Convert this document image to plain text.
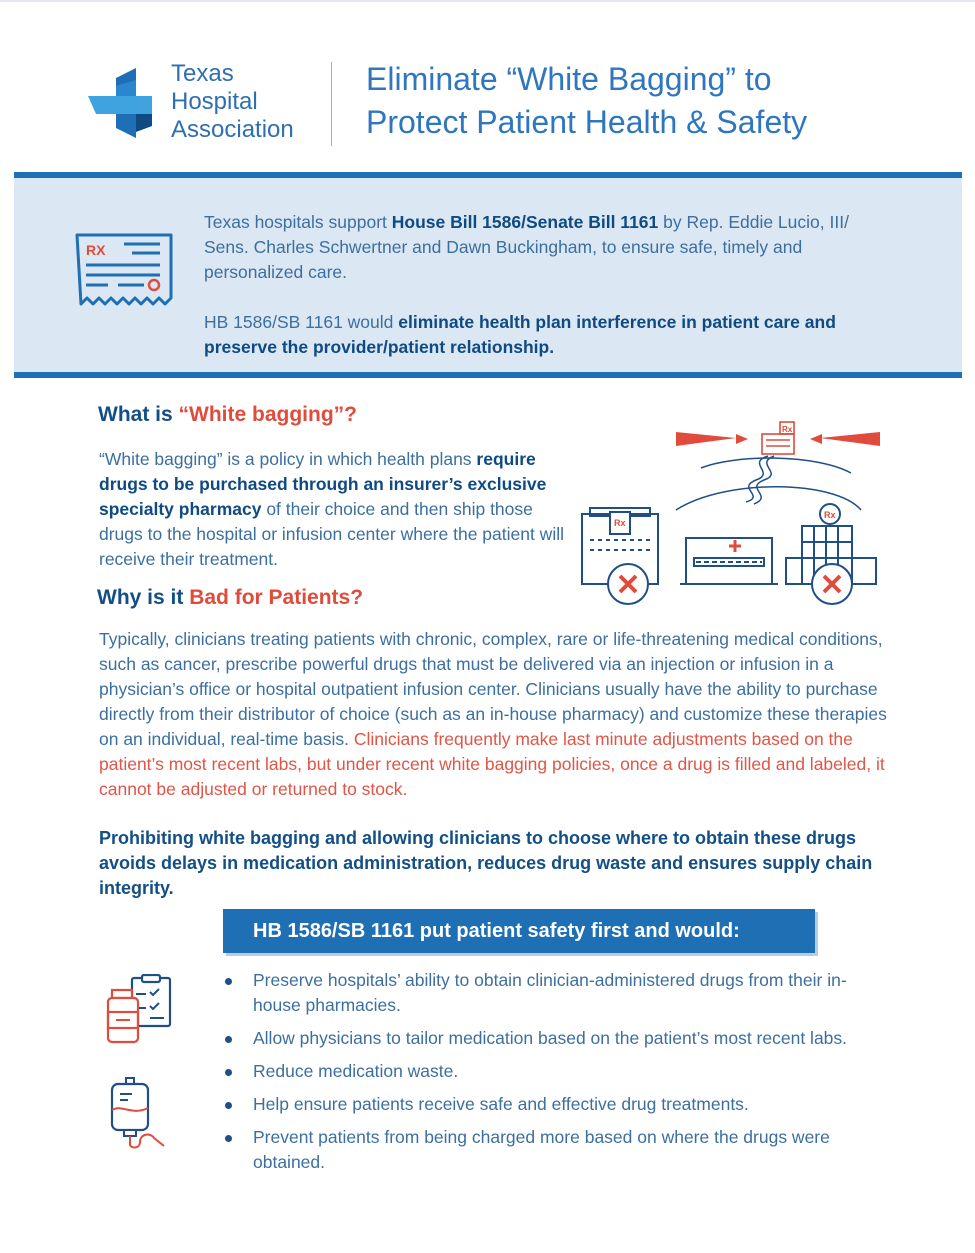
Texas
Hospital
Association
Eliminate “White Bagging” to
Protect Patient Health & Safety
RX
Texas hospitals support House Bill 1586/Senate Bill 1161 by Rep. Eddie Lucio, III/ Sens. Charles Schwertner and Dawn Buckingham, to ensure safe, timely and personalized care.
HB 1586/SB 1161 would eliminate health plan interference in patient care and preserve the provider/patient relationship.
What is “White bagging”?
“White bagging” is a policy in which health plans require drugs to be purchased through an insurer’s exclusive specialty pharmacy of their choice and then ship those drugs to the hospital or infusion center where the patient will receive their treatment.
Rx
Rx
Rx
Why is it Bad for Patients?
Typically, clinicians treating patients with chronic, complex, rare or life-threatening medical conditions, such as cancer, prescribe powerful drugs that must be delivered via an injection or infusion in a physician’s office or hospital outpatient infusion center. Clinicians usually have the ability to purchase directly from their distributor of choice (such as an in-house pharmacy) and customize these therapies on an individual, real-time basis. Clinicians frequently make last minute adjustments based on the patient’s most recent labs, but under recent white bagging policies, once a drug is filled and labeled, it cannot be adjusted or returned to stock.
Prohibiting white bagging and allowing clinicians to choose where to obtain these drugs avoids delays in medication administration, reduces drug waste and ensures supply chain integrity.
HB 1586/SB 1161 put patient safety first and would:
Preserve hospitals’ ability to obtain clinician-administered drugs from their in-house pharmacies.
Allow physicians to tailor medication based on the patient’s most recent labs.
Reduce medication waste.
Help ensure patients receive safe and effective drug treatments.
Prevent patients from being charged more based on where the drugs were obtained.
